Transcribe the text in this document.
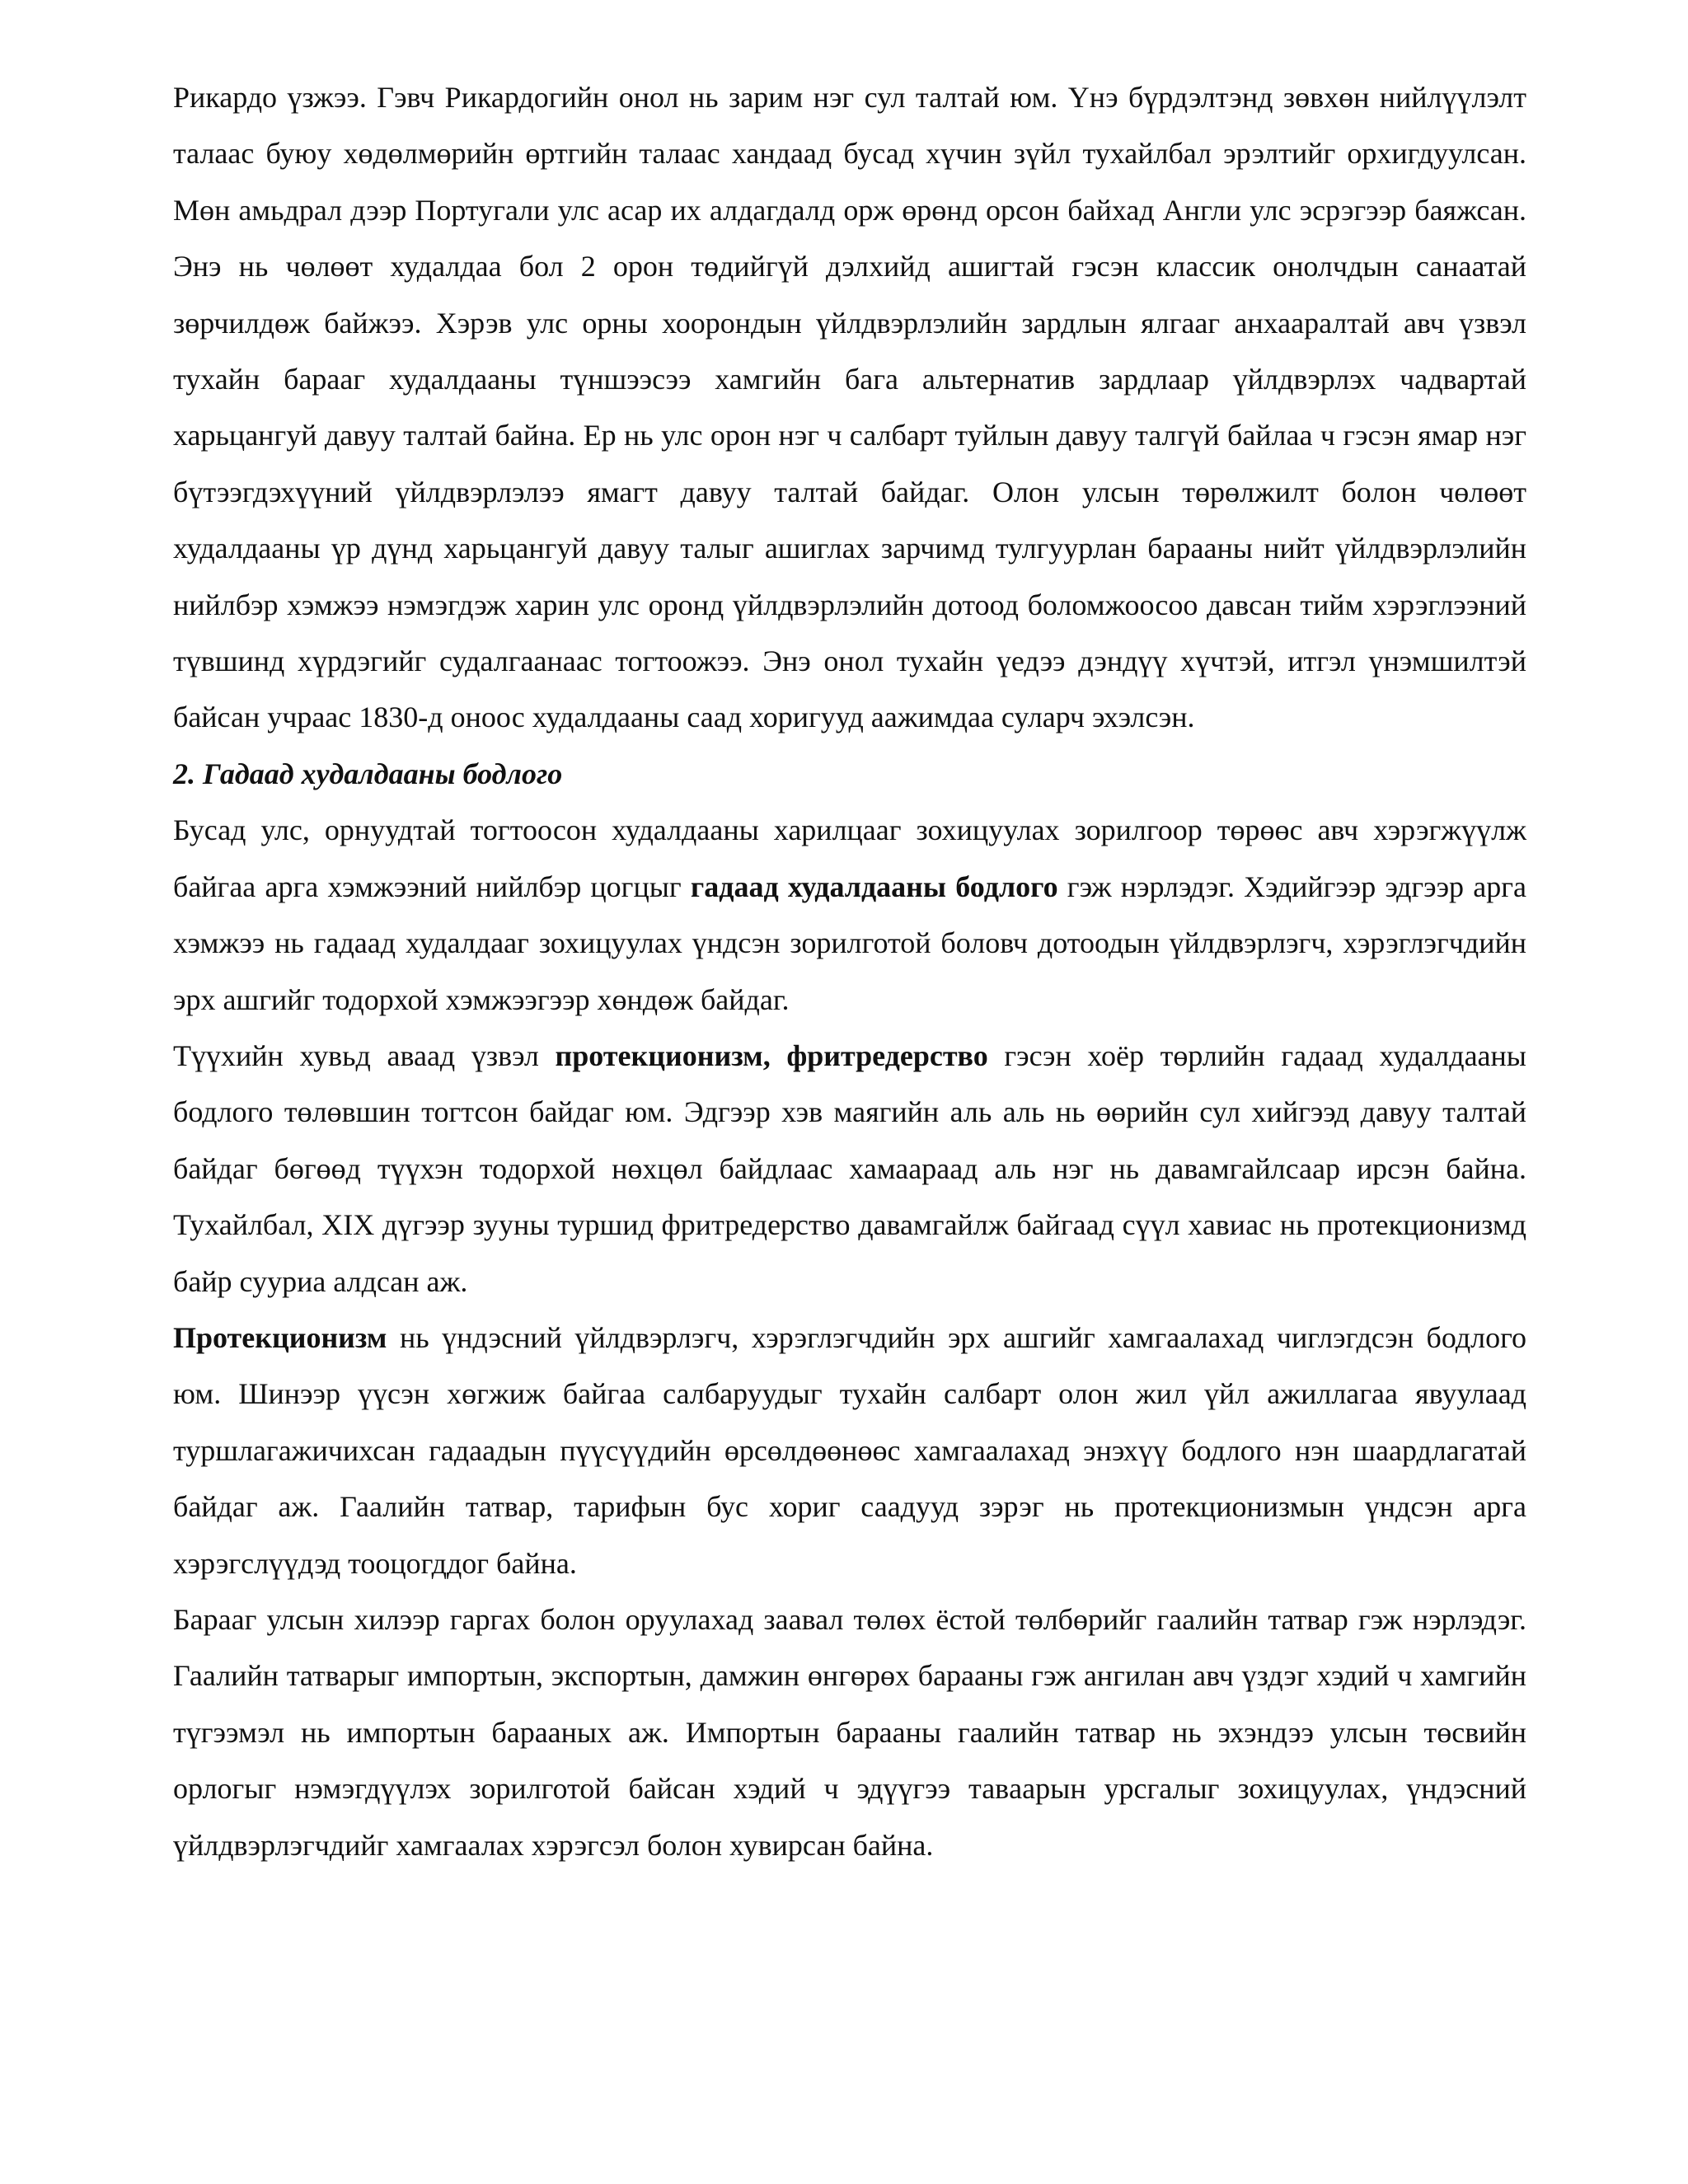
Рикардо үзжээ. Гэвч Рикардогийн онол нь зарим нэг сул талтай юм. Үнэ бүрдэлтэнд зөвхөн нийлүүлэлт талаас буюу хөдөлмөрийн өртгийн талаас хандаад бусад хүчин зүйл тухайлбал эрэлтийг орхигдуулсан. Мөн амьдрал дээр Португали улс асар их алдагдалд орж өрөнд орсон байхад Англи улс эсрэгээр баяжсан. Энэ нь чөлөөт худалдаа бол 2 орон төдийгүй дэлхийд ашигтай гэсэн классик онолчдын санаатай зөрчилдөж байжээ. Хэрэв улс орны хоорондын үйлдвэрлэлийн зардлын ялгааг анхааралтай авч үзвэл тухайн барааг худалдааны түншээсээ хамгийн бага альтернатив зардлаар үйлдвэрлэх чадвартай харьцангуй давуу талтай байна. Ер нь улс орон нэг ч салбарт туйлын давуу талгүй байлаа ч гэсэн ямар нэг бүтээгдэхүүний үйлдвэрлэлээ ямагт давуу талтай байдаг. Олон улсын төрөлжилт болон чөлөөт худалдааны үр дүнд харьцангуй давуу талыг ашиглах зарчимд тулгуурлан барааны нийт үйлдвэрлэлийн нийлбэр хэмжээ нэмэгдэж харин улс оронд үйлдвэрлэлийн дотоод боломжоосоо давсан тийм хэрэглээний түвшинд хүрдэгийг судалгаанаас тогтоожээ. Энэ онол тухайн үедээ дэндүү хүчтэй, итгэл үнэмшилтэй байсан учраас 1830-д оноос худалдааны саад хоригууд аажимдаа суларч эхэлсэн.

2. Гадаад худалдааны бодлого

Бусад улс, орнуудтай тогтоосон худалдааны харилцааг зохицуулах зорилгоор төрөөс авч хэрэгжүүлж байгаа арга хэмжээний нийлбэр цогцыг гадаад худалдааны бодлого гэж нэрлэдэг. Хэдийгээр эдгээр арга хэмжээ нь гадаад худалдааг зохицуулах үндсэн зорилготой боловч дотоодын үйлдвэрлэгч, хэрэглэгчдийн эрх ашгийг тодорхой хэмжээгээр хөндөж байдаг.

Түүхийн хувьд аваад үзвэл протекционизм, фритредерство гэсэн хоёр төрлийн гадаад худалдааны бодлого төлөвшин тогтсон байдаг юм. Эдгээр хэв маягийн аль аль нь өөрийн сул хийгээд давуу талтай байдаг бөгөөд түүхэн тодорхой нөхцөл байдлаас хамаараад аль нэг нь давамгайлсаар ирсэн байна. Тухайлбал, XIX дүгээр зууны туршид фритредерство давамгайлж байгаад сүүл хавиас нь протекционизмд байр сууриа алдсан аж.

Протекционизм нь үндэсний үйлдвэрлэгч, хэрэглэгчдийн эрх ашгийг хамгаалахад чиглэгдсэн бодлого юм. Шинээр үүсэн хөгжиж байгаа салбаруудыг тухайн салбарт олон жил үйл ажиллагаа явуулаад туршлагажичихсан гадаадын пүүсүүдийн өрсөлдөөнөөс хамгаалахад энэхүү бодлого нэн шаардлагатай байдаг аж. Гаалийн татвар, тарифын бус хориг саадууд зэрэг нь протекционизмын үндсэн арга хэрэгслүүдэд тооцогддог байна.

Барааг улсын хилээр гаргах болон оруулахад заавал төлөх ёстой төлбөрийг гаалийн татвар гэж нэрлэдэг. Гаалийн татварыг импортын, экспортын, дамжин өнгөрөх барааны гэж ангилан авч үздэг хэдий ч хамгийн түгээмэл нь импортын барааных аж. Импортын барааны гаалийн татвар нь эхэндээ улсын төсвийн орлогыг нэмэгдүүлэх зорилготой байсан хэдий ч эдүүгээ тавaaрын урсгалыг зохицуулах, үндэсний үйлдвэрлэгчдийг хамгаалах хэрэгсэл болон хувирсан байна.
